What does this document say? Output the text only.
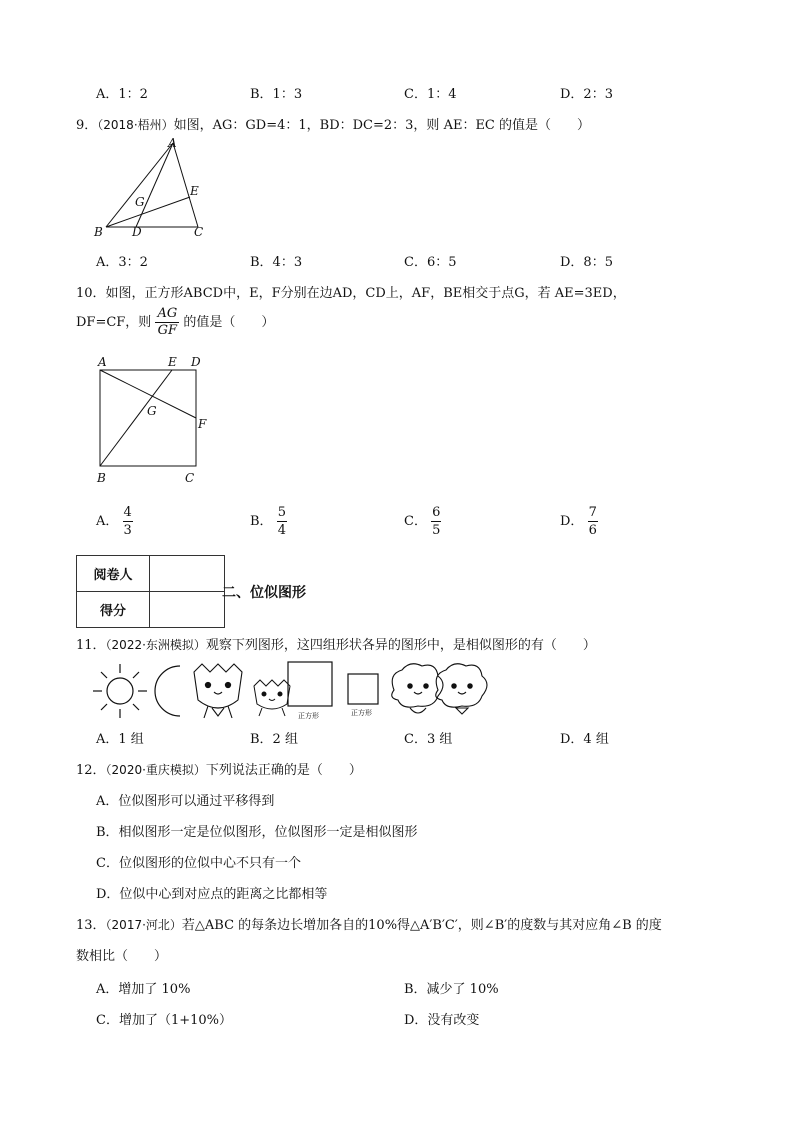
A．1：2	B．1：3	C．1：4	D．2：3
9．（2018·梧州）如图，AG：GD=4：1，BD：DC=2：3，则 AE：EC 的值是（　　）
A
B	C
D
E
G
A．3：2	B．4：3	C．6：5	D．8：5
10．如图，正方形ABCD中，E，F分别在边AD，CD上，AF，BE相交于点G，若 AE=3ED，
DF=CF，则 $\frac{AG}{GF}$ 的值是（　　）
A	E D
G
F
B	C
A． $\frac{4}{3}$	B． $\frac{5}{4}$	C． $\frac{6}{5}$	D． $\frac{7}{6}$
阅卷人	
得分	
二、位似图形
11．（2022·东洲模拟）观察下列图形，这四组形状各异的图形中，是相似图形的有（　　）
正方形	正方形
A．1 组	B．2 组	C．3 组	D．4 组
12．（2020·重庆模拟）下列说法正确的是（　　）
A．位似图形可以通过平移得到
B．相似图形一定是位似图形，位似图形一定是相似图形
C．位似图形的位似中心不只有一个
D．位似中心到对应点的距离之比都相等
13．（2017·河北）若△ABC 的每条边长增加各自的10%得△A′B′C′，则∠B′的度数与其对应角∠B 的度
数相比（　　）
A．增加了 10%	B．减少了 10%
C．增加了（1+10%）	D．没有改变
